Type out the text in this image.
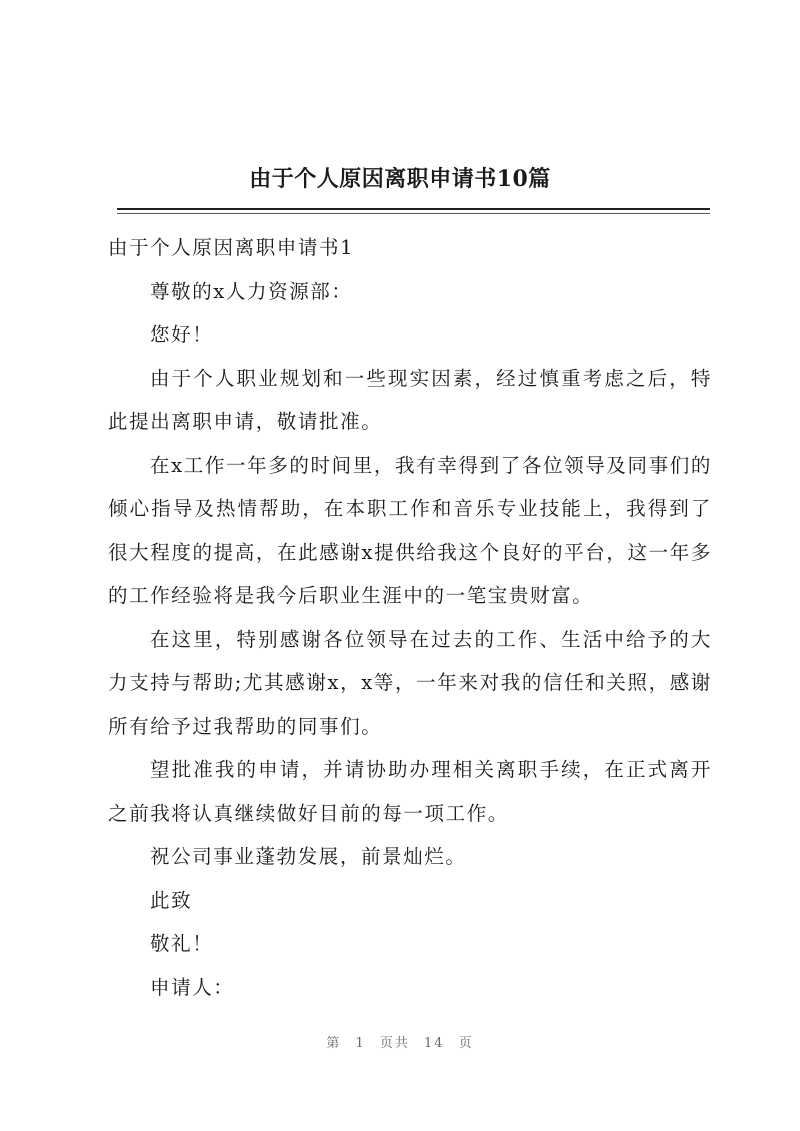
由于个人原因离职申请书10篇

由于个人原因离职申请书1

尊敬的x人力资源部：

您好！

由于个人职业规划和一些现实因素，经过慎重考虑之后，特此提出离职申请，敬请批准。

在x工作一年多的时间里，我有幸得到了各位领导及同事们的倾心指导及热情帮助，在本职工作和音乐专业技能上，我得到了很大程度的提高，在此感谢x提供给我这个良好的平台，这一年多的工作经验将是我今后职业生涯中的一笔宝贵财富。

在这里，特别感谢各位领导在过去的工作、生活中给予的大力支持与帮助;尤其感谢x，x等，一年来对我的信任和关照，感谢所有给予过我帮助的同事们。

望批准我的申请，并请协助办理相关离职手续，在正式离开之前我将认真继续做好目前的每一项工作。

祝公司事业蓬勃发展，前景灿烂。

此致

敬礼！

申请人：

第 1 页共 14 页
